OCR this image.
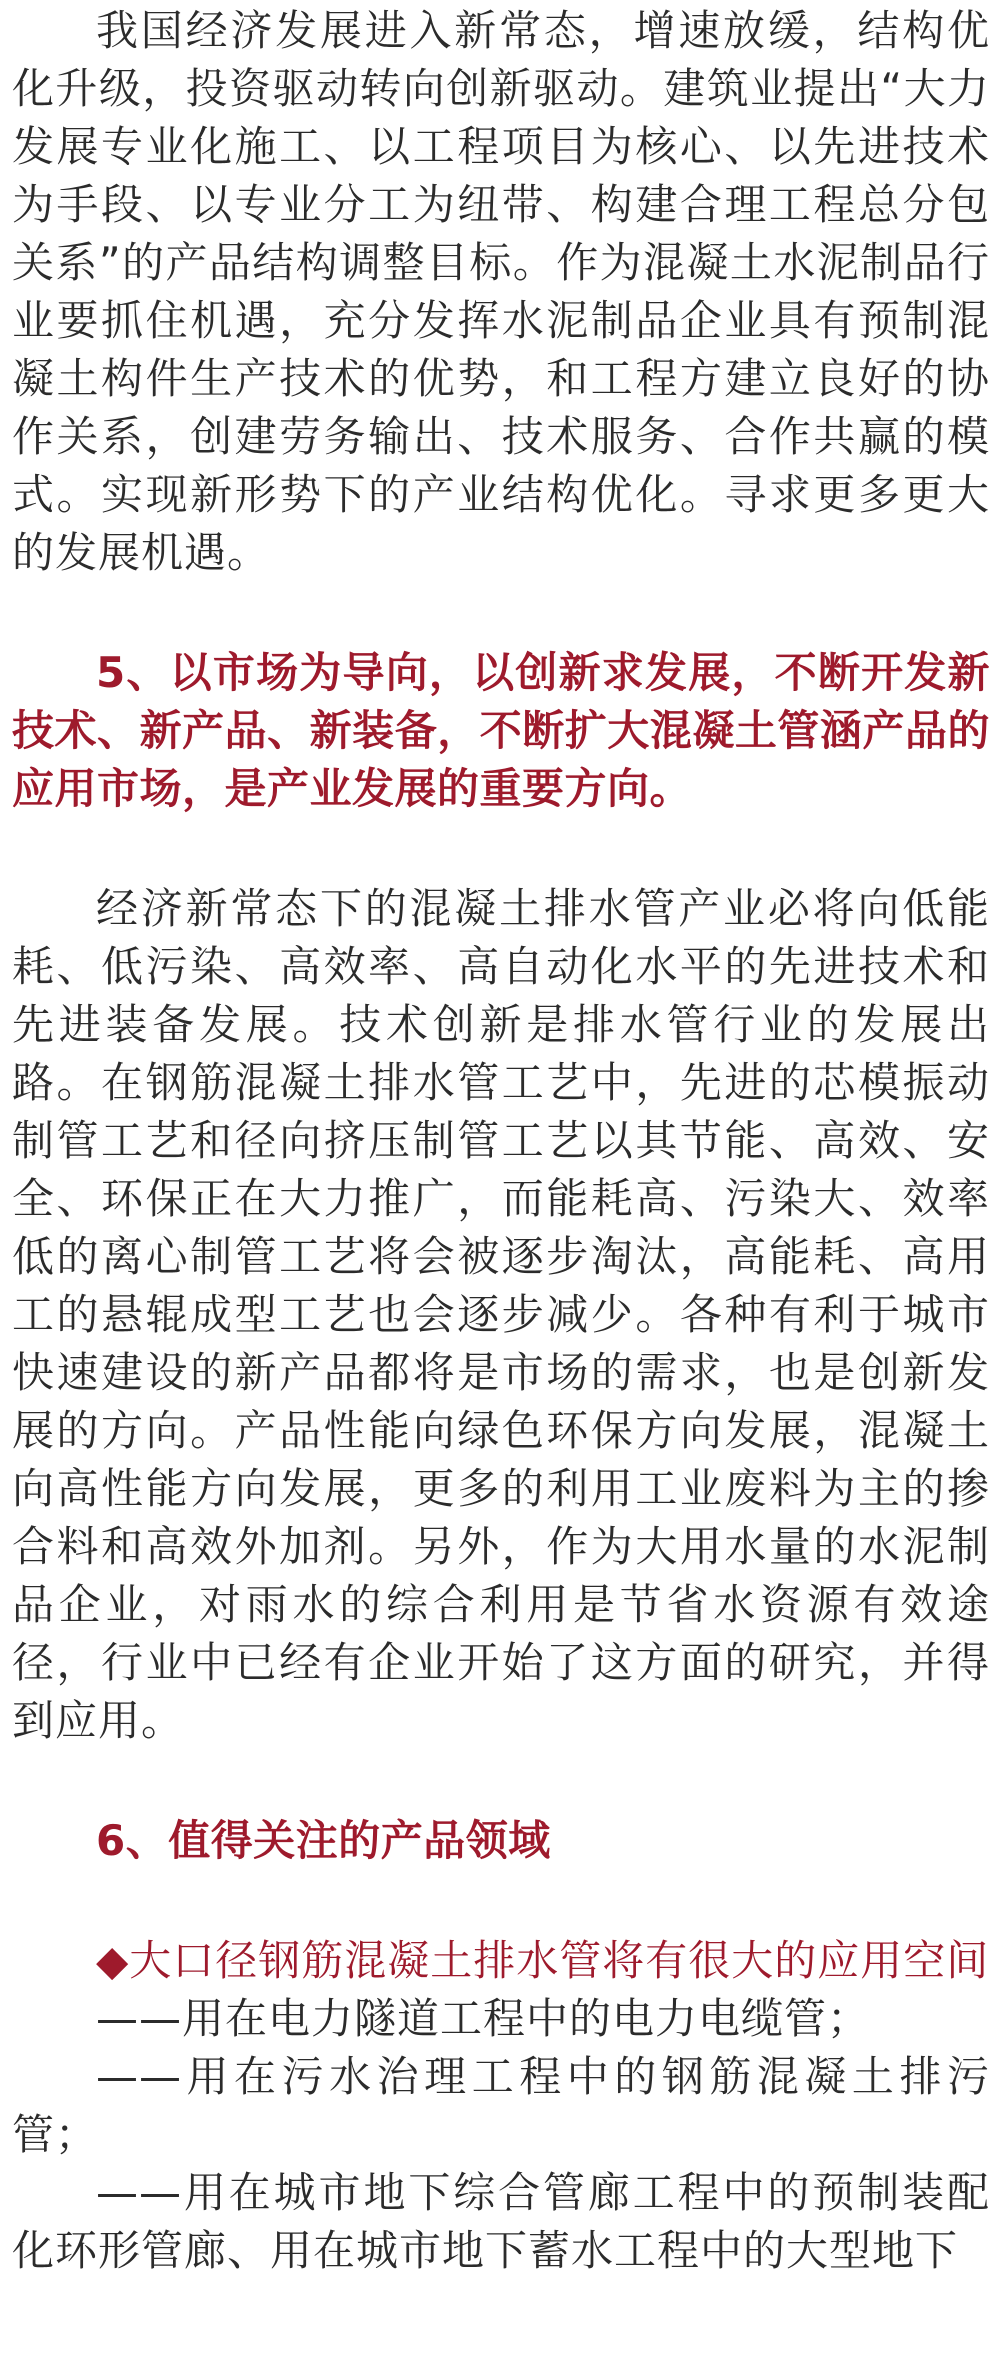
我国经济发展进入新常态，增速放缓，结构优化升级，投资驱动转向创新驱动。建筑业提出“大力发展专业化施工、以工程项目为核心、以先进技术为手段、以专业分工为纽带、构建合理工程总分包关系”的产品结构调整目标。作为混凝土水泥制品行业要抓住机遇，充分发挥水泥制品企业具有预制混凝土构件生产技术的优势，和工程方建立良好的协作关系，创建劳务输出、技术服务、合作共赢的模式。实现新形势下的产业结构优化。寻求更多更大的发展机遇。

5、以市场为导向，以创新求发展，不断开发新技术、新产品、新装备，不断扩大混凝土管涵产品的应用市场，是产业发展的重要方向。

经济新常态下的混凝土排水管产业必将向低能耗、低污染、高效率、高自动化水平的先进技术和先进装备发展。技术创新是排水管行业的发展出路。在钢筋混凝土排水管工艺中，先进的芯模振动制管工艺和径向挤压制管工艺以其节能、高效、安全、环保正在大力推广，而能耗高、污染大、效率低的离心制管工艺将会被逐步淘汰，高能耗、高用工的悬辊成型工艺也会逐步减少。各种有利于城市快速建设的新产品都将是市场的需求，也是创新发展的方向。产品性能向绿色环保方向发展，混凝土向高性能方向发展，更多的利用工业废料为主的掺合料和高效外加剂。另外，作为大用水量的水泥制品企业，对雨水的综合利用是节省水资源有效途径，行业中已经有企业开始了这方面的研究，并得到应用。

6、值得关注的产品领域

◆大口径钢筋混凝土排水管将有很大的应用空间

——用在电力隧道工程中的电力电缆管；

——用在污水治理工程中的钢筋混凝土排污管；

——用在城市地下综合管廊工程中的预制装配化环形管廊、用在城市地下蓄水工程中的大型地下
